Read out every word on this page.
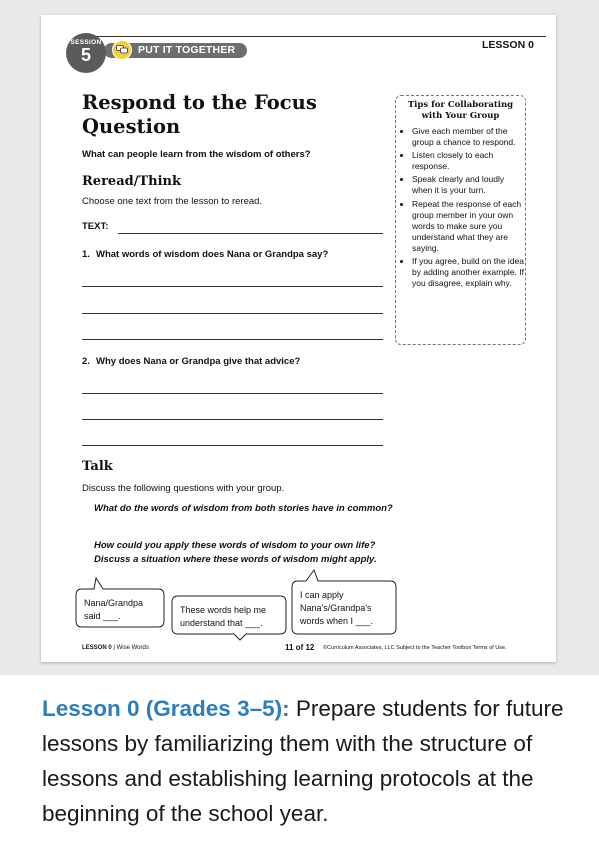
SESSION
5	PUT IT TOGETHER	LESSON 0
Respond to the Focus Question
What can people learn from the wisdom of others?
Reread/Think
Choose one text from the lesson to reread.
TEXT:
1. What words of wisdom does Nana or Grandpa say?
2. Why does Nana or Grandpa give that advice?
Talk
Discuss the following questions with your group.
What do the words of wisdom from both stories have in common?
How could you apply these words of wisdom to your own life? Discuss a situation where these words of wisdom might apply.
Tips for Collaborating
with Your Group
• Give each member of the group a chance to respond.
• Listen closely to each response.
• Speak clearly and loudly when it is your turn.
• Repeat the response of each group member in your own words to make sure you understand what they are saying.
• If you agree, build on the idea by adding another example. If you disagree, explain why.
Nana/Grandpa
said ___.
These words help me
understand that ___.
I can apply
Nana's/Grandpa's
words when I ___.
LESSON 0 | Wise Words	11 of 12 ©Curriculum Associates, LLC Subject to the Teacher Toolbox Terms of Use.
Lesson 0 (Grades 3–5): Prepare students for future lessons by familiarizing them with the structure of lessons and establishing learning protocols at the beginning of the school year.
